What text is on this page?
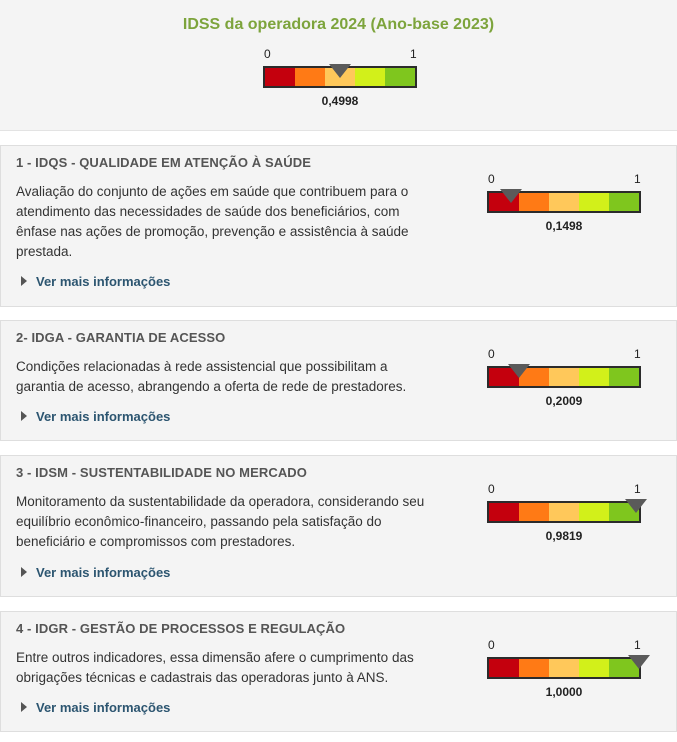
IDSS da operadora 2024 (Ano-base 2023)
0	1
0,4998
1 - IDQS - QUALIDADE EM ATENÇÃO À SAÚDE
Avaliação do conjunto de ações em saúde que contribuem para o atendimento das necessidades de saúde dos beneficiários, com ênfase nas ações de promoção, prevenção e assistência à saúde prestada.
Ver mais informações
0	1
0,1498
2- IDGA - GARANTIA DE ACESSO
Condições relacionadas à rede assistencial que possibilitam a garantia de acesso, abrangendo a oferta de rede de prestadores.
Ver mais informações
0	1
0,2009
3 - IDSM - SUSTENTABILIDADE NO MERCADO
Monitoramento da sustentabilidade da operadora, considerando seu equilíbrio econômico-financeiro, passando pela satisfação do beneficiário e compromissos com prestadores.
Ver mais informações
0	1
0,9819
4 - IDGR - GESTÃO DE PROCESSOS E REGULAÇÃO
Entre outros indicadores, essa dimensão afere o cumprimento das obrigações técnicas e cadastrais das operadoras junto à ANS.
Ver mais informações
0	1
1,0000
